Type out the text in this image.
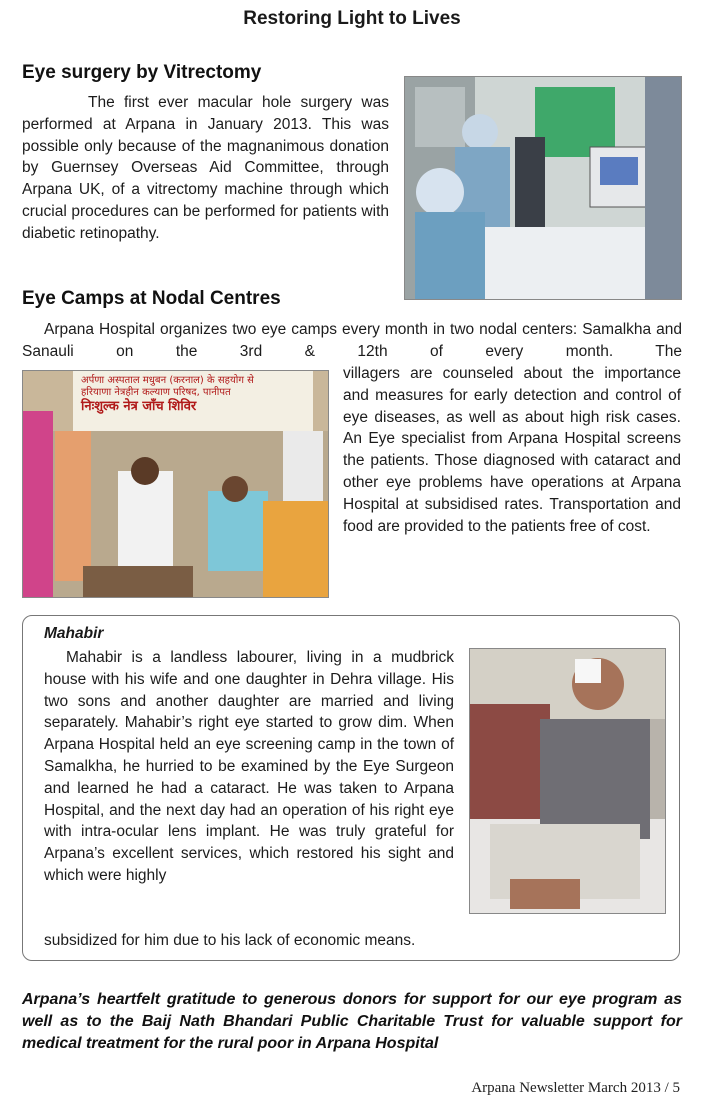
Restoring Light to Lives
Eye surgery by Vitrectomy
The first ever macular hole surgery was performed at Arpana in January 2013. This was possible only because of the magnanimous donation by Guernsey Overseas Aid Committee, through Arpana UK, of a vitrectomy machine through which crucial procedures can be performed for patients with diabetic retinopathy.
Eye Camps at Nodal Centres
Arpana Hospital organizes two eye camps every month in two nodal centers: Samalkha and Sanauli on the 3rd & 12th of every month. The
अर्पणा अस्पताल मधुबन (करनाल) के सहयोग से
हरियाणा नेत्रहीन कल्याण परिषद, पानीपत
निःशुल्क नेत्र जाँच शिविर
villagers are counseled about the importance and measures for early detection and control of eye diseases, as well as about high risk cases. An Eye specialist from Arpana Hospital screens the patients. Those diagnosed with cataract and other eye problems have operations at Arpana Hospital at subsidised rates. Transportation and food are provided to the patients free of cost.
Mahabir
Mahabir is a landless labourer, living in a mudbrick house with his wife and one daughter in Dehra village. His two sons and another daughter are married and living separately. Mahabir’s right eye started to grow dim. When Arpana Hospital held an eye screening camp in the town of Samalkha, he hurried to be examined by the Eye Surgeon and learned he had a cataract. He was taken to Arpana Hospital, and the next day had an operation of his right eye with intra-ocular lens implant. He was truly grateful for Arpana’s excellent services, which restored his sight and which were highly
subsidized for him due to his lack of economic means.
Arpana’s heartfelt gratitude to generous donors for support for our eye program as well as to the Baij Nath Bhandari Public Charitable Trust for valuable support for medical treatment for the rural poor in Arpana Hospital
Arpana Newsletter March 2013 / 5
